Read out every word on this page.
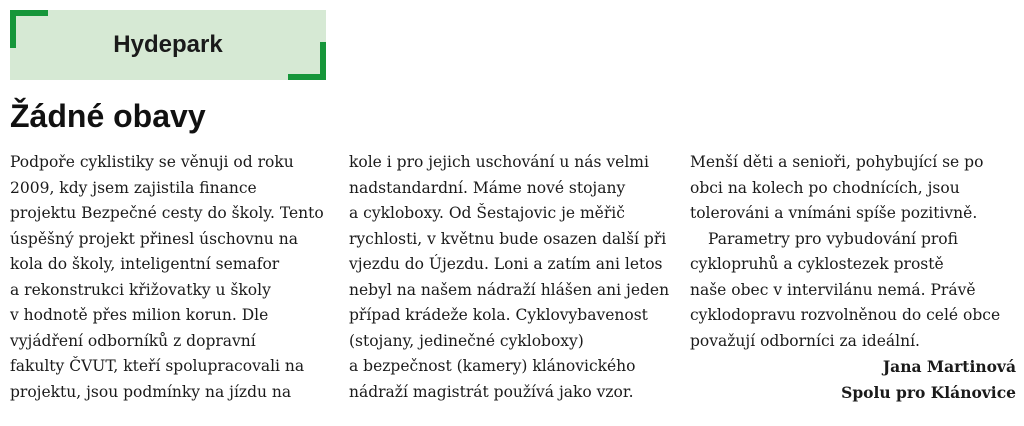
Hydepark
Žádné obavy
Podpoře cyklistiky se věnuji od roku
2009, kdy jsem zajistila finance
projektu Bezpečné cesty do školy. Tento
úspěšný projekt přinesl úschovnu na
kola do školy, inteligentní semafor
a rekonstrukci křižovatky u školy
v hodnotě přes milion korun. Dle
vyjádření odborníků z dopravní
fakulty ČVUT, kteří spolupracovali na
projektu, jsou podmínky na jízdu na
kole i pro jejich uschování u nás velmi
nadstandardní. Máme nové stojany
a cykloboxy. Od Šestajovic je měřič
rychlosti, v květnu bude osazen další při
vjezdu do Újezdu. Loni a zatím ani letos
nebyl na našem nádraží hlášen ani jeden
případ krádeže kola. Cyklovybavenost
(stojany, jedinečné cykloboxy)
a bezpečnost (kamery) klánovického
nádraží magistrát používá jako vzor.
Menší děti a senioři, pohybující se po
obci na kolech po chodnících, jsou
tolerováni a vnímáni spíše pozitivně.
Parametry pro vybudování profi
cyklopruhů a cyklostezek prostě
naše obec v intervilánu nemá. Právě
cyklodopravu rozvolněnou do celé obce
považují odborníci za ideální.
Jana Martinová
Spolu pro Klánovice
